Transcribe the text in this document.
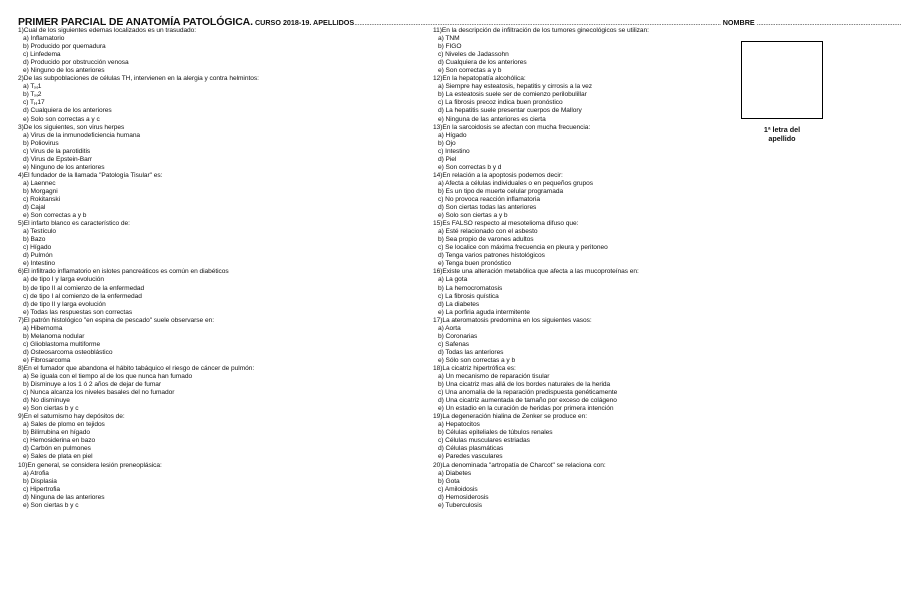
PRIMER PARCIAL DE ANATOMÍA PATOLÓGICA. CURSO 2018-19. APELLIDOS........................................................................................................................................................................................................................ NOMBRE .....................................................................................
1)Cual de los siguientes edemas localizados es un trasudado:
a) Inflamatorio
b) Producido por quemadura
c) Linfedema
d) Producido por obstrucción venosa
e) Ninguno de los anteriores
2)De las subpoblaciones de células TH, intervienen en la alergia y contra helmintos:
a) $T_H1$
b) $T_H2$
c) $T_H17$
d) Cualquiera de los anteriores
e) Solo son correctas a y c
3)De los siguientes, son virus herpes
a) Virus de la inmunodeficiencia humana
b) Poliovirus
c) Virus de la parotiditis
d) Virus de Epstein-Barr
e) Ninguno de los anteriores
4)El fundador de la llamada "Patología Tisular" es:
a) Laennec
b) Morgagni
c) Rokitanski
d) Cajal
e) Son correctas a y b
5)El infarto blanco es característico de:
a) Testículo
b) Bazo
c) Hígado
d) Pulmón
e) Intestino
6)El infiltrado inflamatorio en islotes pancreáticos es común en diabéticos
a) de tipo I y larga evolución
b) de tipo II al comienzo de la enfermedad
c) de tipo I al comienzo de la enfermedad
d) de tipo II y larga evolución
e) Todas las respuestas son correctas
7)El patrón histológico "en espina de pescado" suele observarse en:
a) Hibernoma
b) Melanoma nodular
c) Glioblastoma multiforme
d) Osteosarcoma osteoblástico
e) Fibrosarcoma
8)En el fumador que abandona el hábito tabáquico el riesgo de cáncer de pulmón:
a) Se iguala con el tiempo al de los que nunca han fumado
b) Disminuye a los 1 ó 2 años de dejar de fumar
c) Nunca alcanza los niveles basales del no fumador
d) No disminuye
e) Son ciertas b y c
9)En el saturnismo hay depósitos de:
a) Sales de plomo en tejidos
b) Bilirrubina en hígado
c) Hemosiderina en bazo
d) Carbón en pulmones
e) Sales de plata en piel
10)En general, se considera lesión preneoplásica:
a) Atrofia
b) Displasia
c) Hipertrofia
d) Ninguna de las anteriores
e) Son ciertas b y c
11)En la descripción de infiltración de los tumores ginecológicos se utilizan:
a) TNM
b) FIGO
c) Niveles de Jadassohn
d) Cualquiera de los anteriores
e) Son correctas a y b
12)En la hepatopatía alcohólica:
a) Siempre hay esteatosis, hepatitis y cirrosis a la vez
b) La esteatosis suele ser de comienzo perilobulillar
c) La fibrosis precoz indica buen pronóstico
d) La hepatitis suele presentar cuerpos de Mallory
e) Ninguna de las anteriores es cierta
13)En la sarcoidosis se afectan con mucha frecuencia:
a) Hígado
b) Ojo
c) Intestino
d) Piel
e) Son correctas b y d
14)En relación a la apoptosis podemos decir:
a) Afecta a células individuales o en pequeños grupos
b) Es un tipo de muerte celular programada
c) No provoca reacción inflamatoria
d) Son ciertas todas las anteriores
e) Solo son ciertas a y b
15)Es FALSO respecto al mesotelioma difuso que:
a) Esté relacionado con el asbesto
b) Sea propio de varones adultos
c) Se localice con máxima frecuencia en pleura y peritoneo
d) Tenga varios patrones histológicos
e) Tenga buen pronóstico
16)Existe una alteración metabólica que afecta a las mucoproteínas en:
a) La gota
b) La hemocromatosis
c) La fibrosis quística
d) La diabetes
e) La porfiria aguda intermitente
17)La ateromatosis predomina en los siguientes vasos:
a) Aorta
b) Coronarias
c) Safenas
d) Todas las anteriores
e) Sólo son correctas a y b
18)La cicatriz hipertrófica es:
a) Un mecanismo de reparación tisular
b) Una cicatriz mas allá de los bordes naturales de la herida
c) Una anomalía de la reparación predispuesta genéticamente
d) Una cicatriz aumentada de tamaño por exceso de colágeno
e) Un estadio en la curación de heridas por primera intención
19)La degeneración hialina de Zenker se produce en:
a) Hepatocitos
b) Células epiteliales de túbulos renales
c) Células musculares estriadas
d) Células plasmáticas
e) Paredes vasculares
20)La denominada "artropatía de Charcot" se relaciona con:
a) Diabetes
b) Gota
c) Amiloidosis
d) Hemosiderosis
e) Tuberculosis
1ª letra del
apellido
